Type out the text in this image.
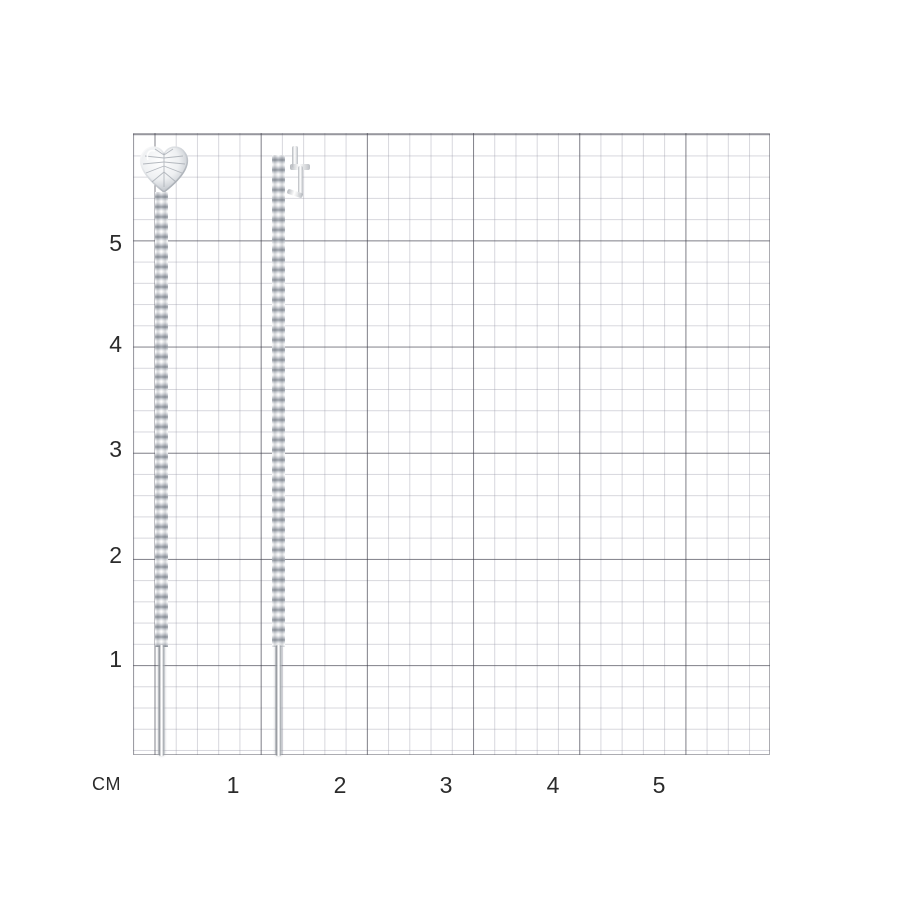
5
4
3
2
1
1	2	3	4	5
CM
